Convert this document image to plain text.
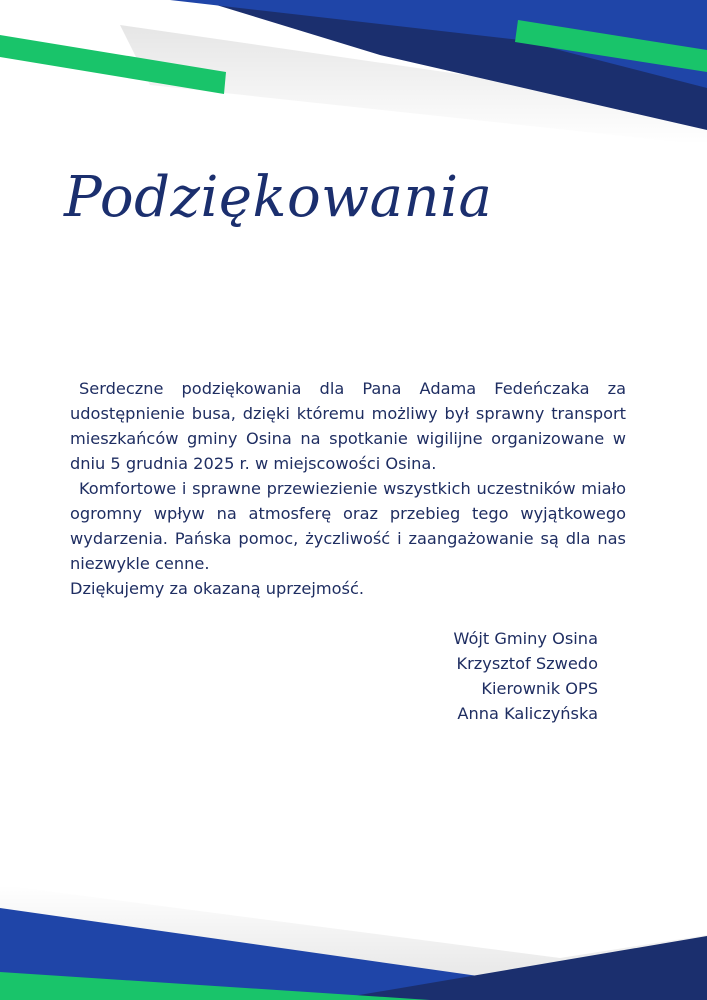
Podziękowania

Serdeczne podziękowania dla Pana Adama Fedeńczaka za udostępnienie busa, dzięki któremu możliwy był sprawny transport mieszkańców gminy Osina na spotkanie wigilijne organizowane w dniu 5 grudnia 2025 r. w miejscowości Osina.

Komfortowe i sprawne przewiezienie wszystkich uczestników miało ogromny wpływ na atmosferę oraz przebieg tego wyjątkowego wydarzenia. Pańska pomoc, życzliwość i zaangażowanie są dla nas niezwykle cenne.

Dziękujemy za okazaną uprzejmość.

Wójt Gminy Osina
Krzysztof Szwedo
Kierownik OPS
Anna Kaliczyńska
